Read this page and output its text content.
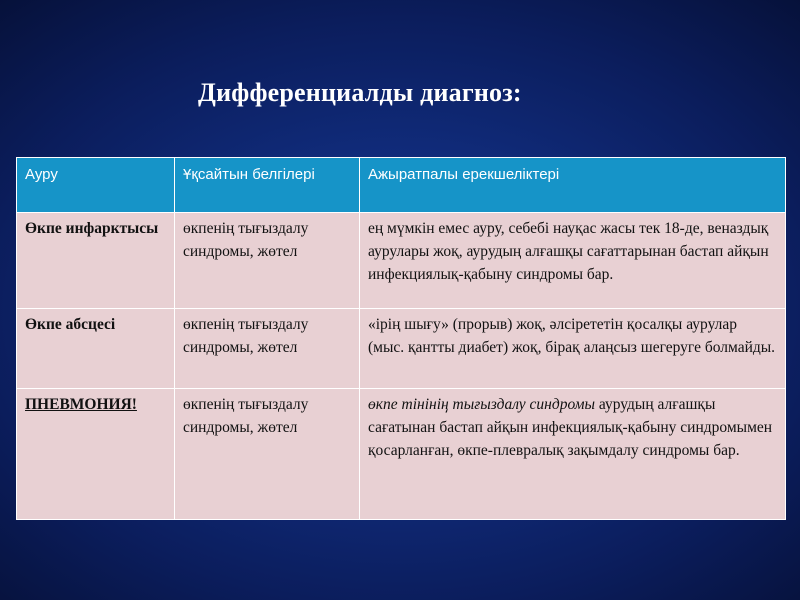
Дифференциалды диагноз:
Ауру	Ұқсайтын белгілері	Ажыратпалы ерекшеліктері
Өкпе инфарктысы	өкпенің тығыздалу синдромы, жөтел	ең мүмкін емес ауру, себебі науқас жасы тек 18-де, веназдық аурулары жоқ, аурудың алғашқы сағаттарынан бастап айқын инфекциялық-қабыну синдромы бар.
Өкпе абсцесі	өкпенің тығыздалу синдромы, жөтел	«ірің шығу» (прорыв) жоқ, әлсірететін қосалқы аурулар (мыс. қантты диабет) жоқ, бірақ алаңсыз шегеруге болмайды.
ПНЕВМОНИЯ!	өкпенің тығыздалу синдромы, жөтел	өкпе тінінің тығыздалу синдромы аурудың алғашқы сағатынан бастап айқын инфекциялық-қабыну синдромымен қосарланған, өкпе-плевралық зақымдалу синдромы бар.
